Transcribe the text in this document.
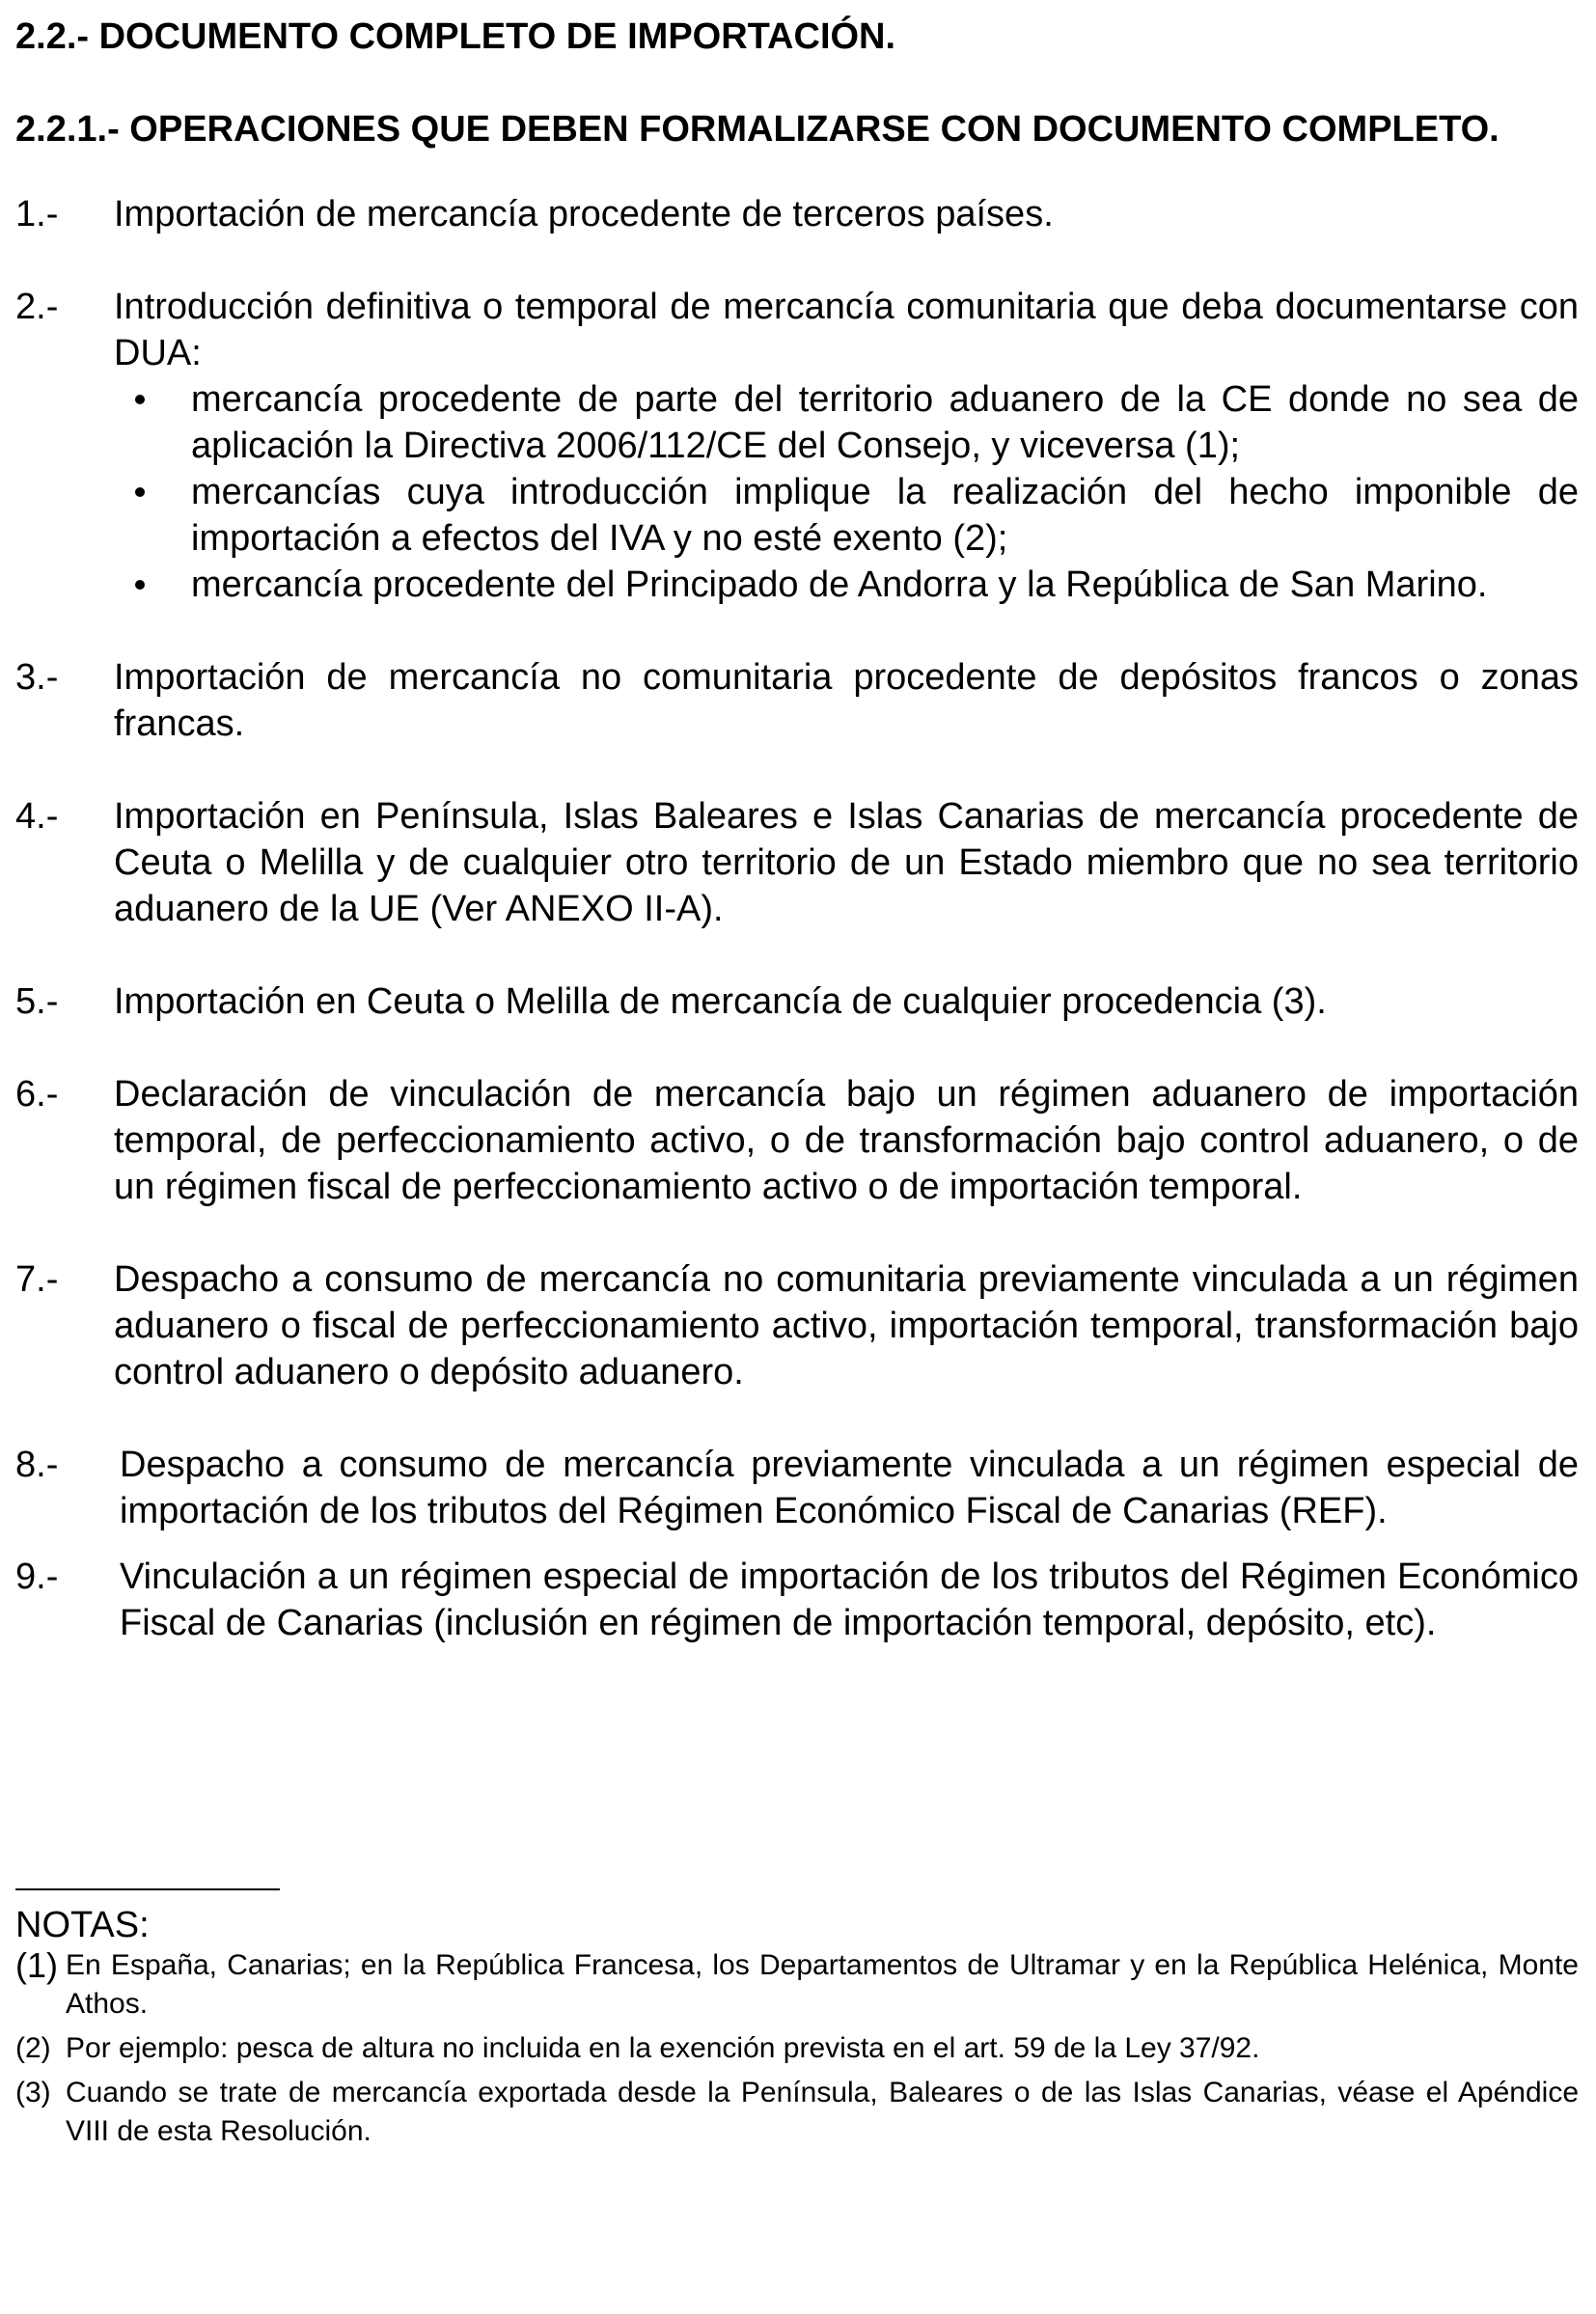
2.2.- DOCUMENTO COMPLETO DE IMPORTACIÓN.
2.2.1.- OPERACIONES QUE DEBEN FORMALIZARSE CON DOCUMENTO COMPLETO.
1.-	Importación de mercancía procedente de terceros países.
2.-	Introducción definitiva o temporal de mercancía comunitaria que deba documentarse con DUA:
mercancía procedente de parte del territorio aduanero de la CE donde no sea de aplicación la Directiva 2006/112/CE del Consejo, y viceversa (1);
mercancías cuya introducción implique la realización del hecho imponible de importación a efectos del IVA y no esté exento (2);
mercancía procedente del Principado de Andorra y la República de San Marino.
3.-	Importación de mercancía no comunitaria procedente de depósitos francos o zonas francas.
4.-	Importación en Península, Islas Baleares e Islas Canarias de mercancía procedente de Ceuta o Melilla y de cualquier otro territorio de un Estado miembro que no sea territorio aduanero de la UE (Ver ANEXO II-A).
5.-	Importación en Ceuta o Melilla de mercancía de cualquier procedencia (3).
6.-	Declaración de vinculación de mercancía bajo un régimen aduanero de importación temporal, de perfeccionamiento activo, o de transformación bajo control aduanero, o de un régimen fiscal de perfeccionamiento activo o de importación temporal.
7.-	Despacho a consumo de mercancía no comunitaria previamente vinculada a un régimen aduanero o fiscal de perfeccionamiento activo, importación temporal, transformación bajo control aduanero o depósito aduanero.
8.-	Despacho a consumo de mercancía previamente vinculada a un régimen especial de importación de los tributos del Régimen Económico Fiscal de Canarias (REF).
9.-	Vinculación a un régimen especial de importación de los tributos del Régimen Económico Fiscal de Canarias (inclusión en régimen de importación temporal, depósito, etc).

NOTAS:

(1) En España, Canarias; en la República Francesa, los Departamentos de Ultramar y en la República Helénica, Monte Athos.

(2) Por ejemplo: pesca de altura no incluida en la exención prevista en el art. 59 de la Ley 37/92.

(3) Cuando se trate de mercancía exportada desde la Península, Baleares o de las Islas Canarias, véase el Apéndice VIII de esta Resolución.
